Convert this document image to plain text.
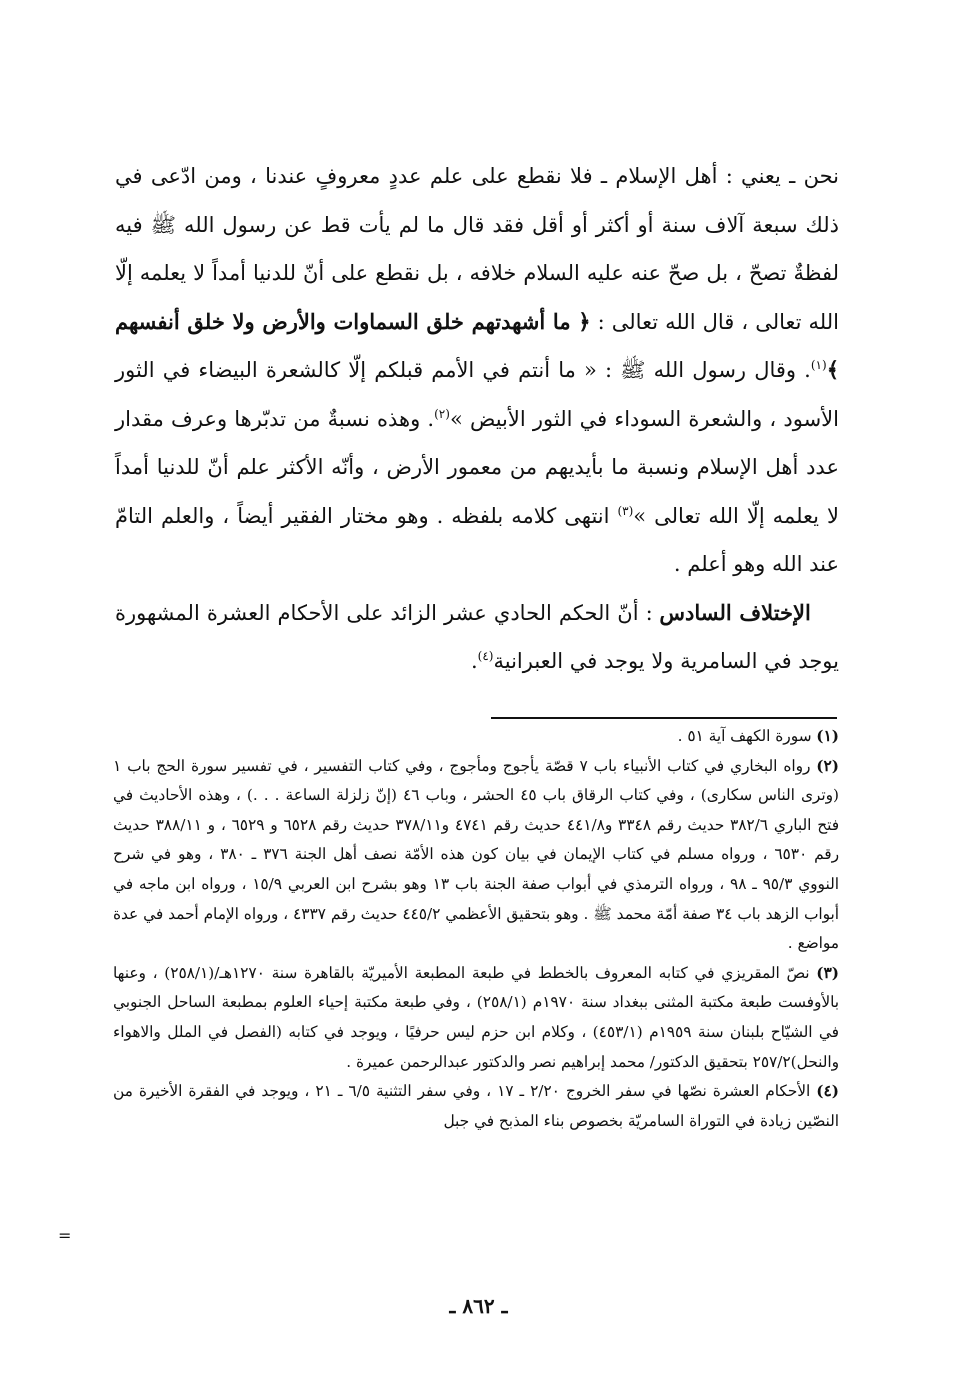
نحن ـ يعني : أهل الإسلام ـ فلا نقطع على علم عددٍ معروفٍ عندنا ، ومن ادّعى في ذلك سبعة آلاف سنة أو أكثر أو أقل فقد قال ما لم يأت قط عن رسول الله ﷺ فيه لفظةٌ تصحّ ، بل صحّ عنه عليه السلام خلافه ، بل نقطع على أنّ للدنيا أمداً لا يعلمه إلّا الله تعالى ، قال الله تعالى : ﴿ ما أشهدتهم خلق السماوات والأرض ولا خلق أنفسهم ﴾$^{(١)}$. وقال رسول الله ﷺ : « ما أنتم في الأمم قبلكم إلّا كالشعرة البيضاء في الثور الأسود ، والشعرة السوداء في الثور الأبيض »$^{(٢)}$. وهذه نسبةٌ من تدبّرها وعرف مقدار عدد أهل الإسلام ونسبة ما بأيديهم من معمور الأرض ، وأنّه الأكثر علم أنّ للدنيا أمداً لا يعلمه إلّا الله تعالى »$^{(٣)}$ انتهى كلامه بلفظه . وهو مختار الفقير أيضاً ، والعلم التامّ عند الله وهو أعلم .

الإختلاف السادس : أنّ الحكم الحادي عشر الزائد على الأحكام العشرة المشهورة يوجد في السامرية ولا يوجد في العبرانية$^{(٤)}$.

(١) سورة الكهف آية ٥١ .

(٢) رواه البخاري في كتاب الأنبياء باب ٧ قصّة يأجوج ومأجوج ، وفي كتاب التفسير ، في تفسير سورة الحج باب ١ (وترى الناس سكارى) ، وفي كتاب الرقاق باب ٤٥ الحشر ، وباب ٤٦ (إنّ زلزلة الساعة . . .) ، وهذه الأحاديث في فتح الباري ٣٨٢/٦ حديث رقم ٣٣٤٨ و٤٤١/٨ حديث رقم ٤٧٤١ و٣٧٨/١١ حديث رقم ٦٥٢٨ و ٦٥٢٩ ، و ٣٨٨/١١ حديث رقم ٦٥٣٠ ، ورواه مسلم في كتاب الإيمان في بيان كون هذه الأمّة نصف أهل الجنة ٣٧٦ ـ ٣٨٠ ، وهو في شرح النووي ٩٥/٣ ـ ٩٨ ، ورواه الترمذي في أبواب صفة الجنة باب ١٣ وهو بشرح ابن العربي ١٥/٩ ، ورواه ابن ماجه في أبواب الزهد باب ٣٤ صفة أمّة محمد ﷺ . وهو بتحقيق الأعظمي ٤٤٥/٢ حديث رقم ٤٣٣٧ ، ورواه الإمام أحمد في عدة مواضع .

(٣) نصّ المقريزي في كتابه المعروف بالخطط في طبعة المطبعة الأميريّة بالقاهرة سنة ١٢٧٠هـ/(٢٥٨/١) ، وعنها بالأوفست طبعة مكتبة المثنى ببغداد سنة ١٩٧٠م (٢٥٨/١) ، وفي طبعة مكتبة إحياء العلوم بمطبعة الساحل الجنوبي في الشيّاح بلبنان سنة ١٩٥٩م (٤٥٣/١) ، وكلام ابن حزم ليس حرفيًا ، ويوجد في كتابه (الفصل في الملل والاهواء والنحل)٢٥٧/٢ بتحقيق الدكتور/ محمد إبراهيم نصر والدكتور عبدالرحمن عميرة .

(٤) الأحكام العشرة نصّها في سفر الخروج ٢/٢٠ ـ ١٧ ، وفي سفر التثنية ٦/٥ ـ ٢١ ، ويوجد في الفقرة الأخيرة من النصّين زيادة في التوراة السامريّة بخصوص بناء المذبح في جبل

=
ـ ٨٦٢ ـ
